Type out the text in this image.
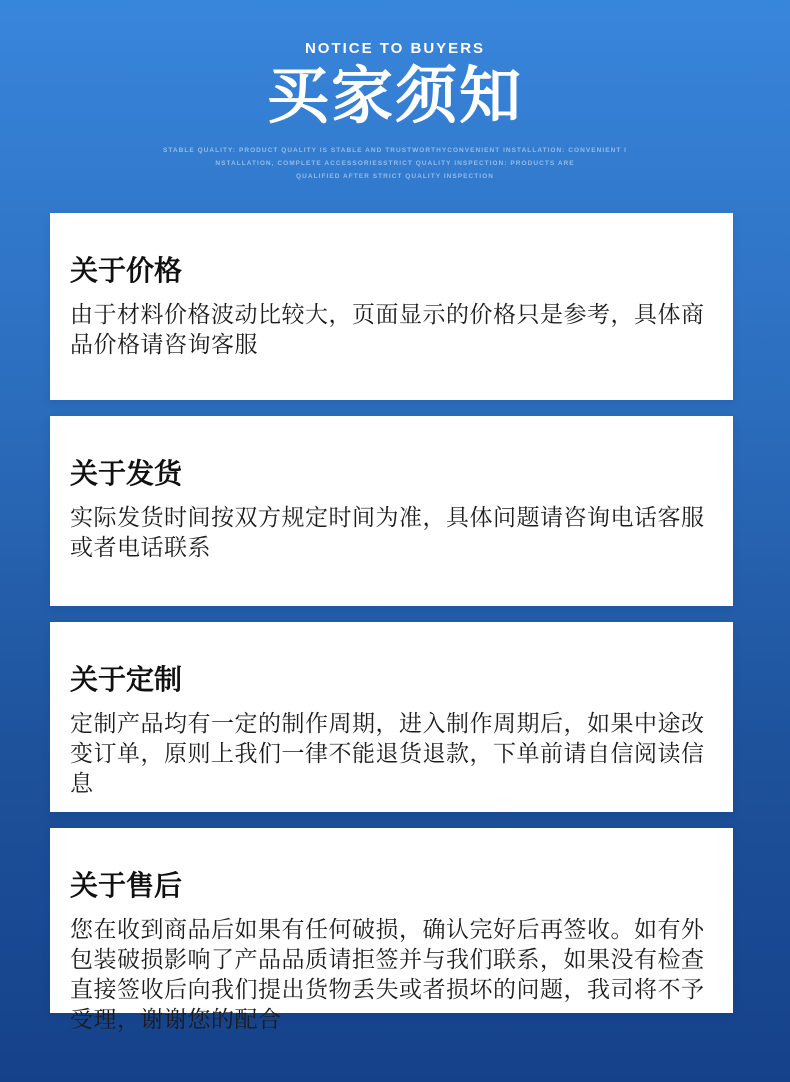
NOTICE TO BUYERS
买家须知
STABLE QUALITY: PRODUCT QUALITY IS STABLE AND TRUSTWORTHYCONVENIENT INSTALLATION: CONVENIENT I
NSTALLATION, COMPLETE ACCESSORIESSTRICT QUALITY INSPECTION: PRODUCTS ARE
QUALIFIED AFTER STRICT QUALITY INSPECTION
关于价格
由于材料价格波动比较大，页面显示的价格只是参考，具体商品价格请咨询客服
关于发货
实际发货时间按双方规定时间为准，具体问题请咨询电话客服或者电话联系
关于定制
定制产品均有一定的制作周期，进入制作周期后，如果中途改变订单，原则上我们一律不能退货退款，下单前请自信阅读信息
关于售后
您在收到商品后如果有任何破损，确认完好后再签收。如有外包装破损影响了产品品质请拒签并与我们联系，如果没有检查直接签收后向我们提出货物丢失或者损坏的问题，我司将不予受理，谢谢您的配合
